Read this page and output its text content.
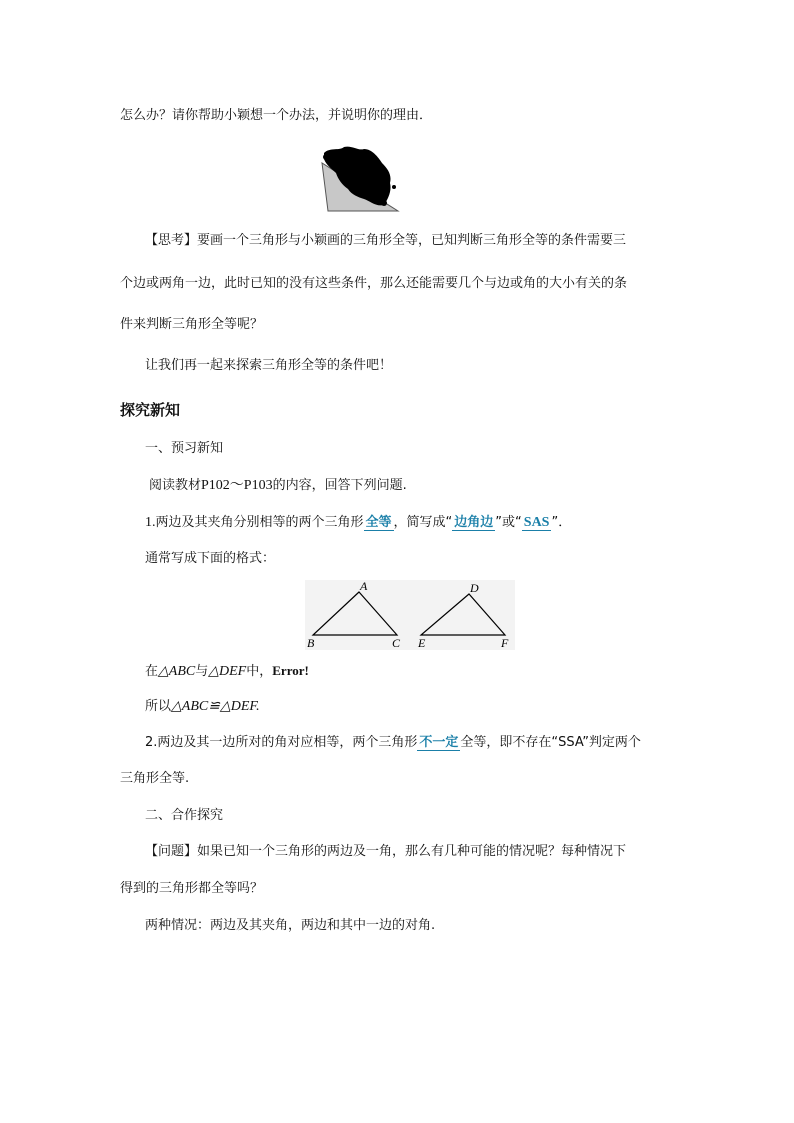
怎么办？请你帮助小颖想一个办法，并说明你的理由．
【思考】要画一个三角形与小颖画的三角形全等，已知判断三角形全等的条件需要三
个边或两角一边，此时已知的没有这些条件，那么还能需要几个与边或角的大小有关的条
件来判断三角形全等呢？
让我们再一起来探索三角形全等的条件吧！
探究新知
一、预习新知
阅读教材P102～P103的内容，回答下列问题.
1.两边及其夹角分别相等的两个三角形 全等 ，简写成“ 边角边 ”或“ SAS ”．
通常写成下面的格式：
A
B	C
D
E	F
在△ABC与△DEF中，Error!
所以△ABC≌△DEF.
2.两边及其一边所对的角对应相等，两个三角形 不一定 全等，即不存在“SSA”判定两个
三角形全等.
二、合作探究
【问题】如果已知一个三角形的两边及一角，那么有几种可能的情况呢？每种情况下
得到的三角形都全等吗？
两种情况：两边及其夹角，两边和其中一边的对角.
